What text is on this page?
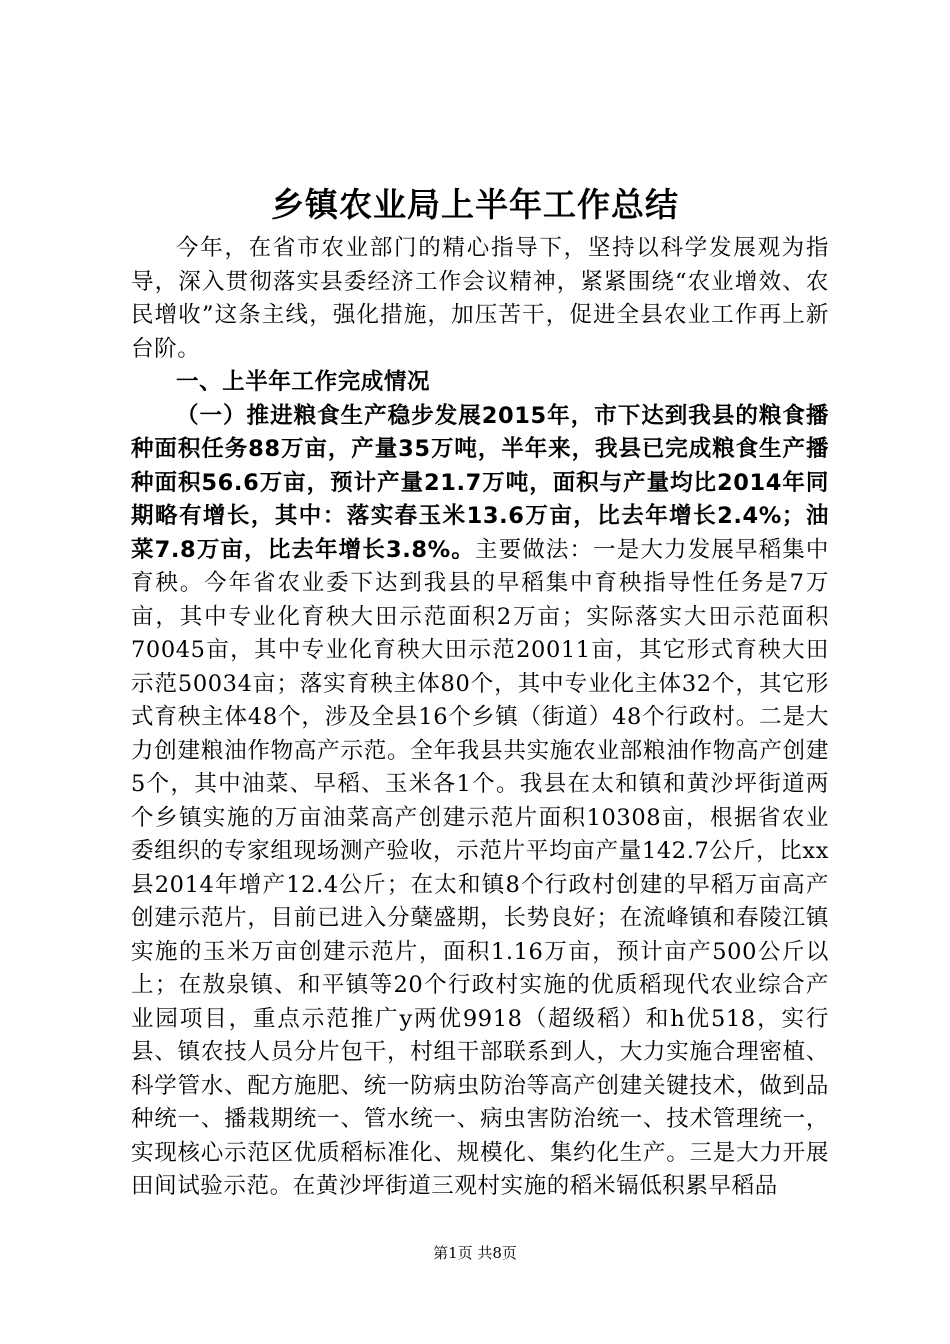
乡镇农业局上半年工作总结

今年，在省市农业部门的精心指导下，坚持以科学发展观为指导，深入贯彻落实县委经济工作会议精神，紧紧围绕“农业增效、农民增收”这条主线，强化措施，加压苦干，促进全县农业工作再上新台阶。

一、上半年工作完成情况

（一）推进粮食生产稳步发展2015年，市下达到我县的粮食播种面积任务88万亩，产量35万吨，半年来，我县已完成粮食生产播种面积56.6万亩，预计产量21.7万吨，面积与产量均比2014年同期略有增长，其中：落实春玉米13.6万亩，比去年增长2.4%；油菜7.8万亩，比去年增长3.8%。主要做法：一是大力发展早稻集中育秧。今年省农业委下达到我县的早稻集中育秧指导性任务是7万亩，其中专业化育秧大田示范面积2万亩；实际落实大田示范面积70045亩，其中专业化育秧大田示范20011亩，其它形式育秧大田示范50034亩；落实育秧主体80个，其中专业化主体32个，其它形式育秧主体48个，涉及全县16个乡镇（街道）48个行政村。二是大力创建粮油作物高产示范。全年我县共实施农业部粮油作物高产创建5个，其中油菜、早稻、玉米各1个。我县在太和镇和黄沙坪街道两个乡镇实施的万亩油菜高产创建示范片面积10308亩，根据省农业委组织的专家组现场测产验收，示范片平均亩产量142.7公斤，比xx县2014年增产12.4公斤；在太和镇8个行政村创建的早稻万亩高产创建示范片，目前已进入分蘖盛期，长势良好；在流峰镇和春陵江镇实施的玉米万亩创建示范片，面积1.16万亩，预计亩产500公斤以上；在敖泉镇、和平镇等20个行政村实施的优质稻现代农业综合产业园项目，重点示范推广y两优9918（超级稻）和h优518，实行县、镇农技人员分片包干，村组干部联系到人，大力实施合理密植、科学管水、配方施肥、统一防病虫防治等高产创建关键技术，做到品种统一、播栽期统一、管水统一、病虫害防治统一、技术管理统一，实现核心示范区优质稻标准化、规模化、集约化生产。三是大力开展田间试验示范。在黄沙坪街道三观村实施的稻米镉低积累早稻品

第1页 共8页
